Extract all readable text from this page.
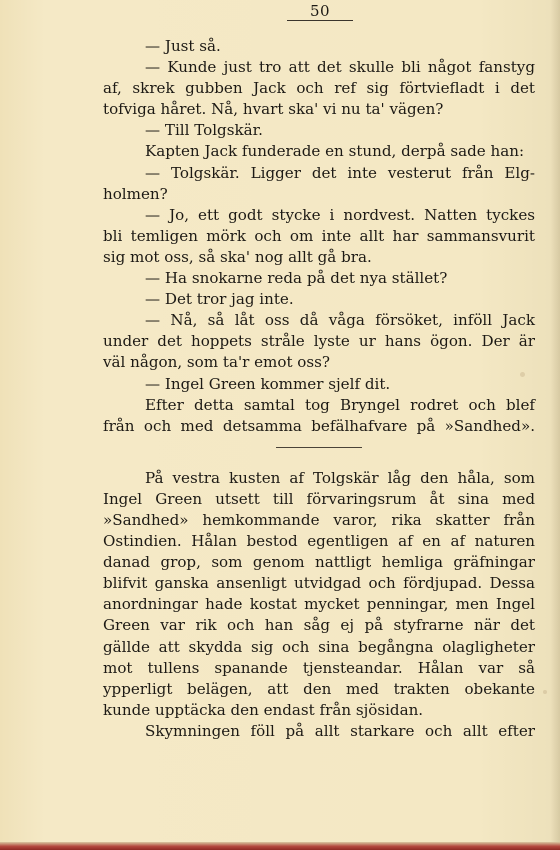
50
— Just så.
— Kunde just tro att det skulle bli något fanstyg
af, skrek gubben Jack och ref sig förtviefladt i det
tofviga håret. Nå, hvart ska' vi nu ta' vägen?
— Till Tolgskär.
Kapten Jack funderade en stund, derpå sade han:
— Tolgskär. Ligger det inte vesterut från Elg-
holmen?
— Jo, ett godt stycke i nordvest. Natten tyckes
bli temligen mörk och om inte allt har sammansvurit
sig mot oss, så ska' nog allt gå bra.
— Ha snokarne reda på det nya stället?
— Det tror jag inte.
— Nå, så låt oss då våga försöket, inföll Jack
under det hoppets stråle lyste ur hans ögon. Der är
väl någon, som ta'r emot oss?
— Ingel Green kommer sjelf dit.
Efter detta samtal tog Bryngel rodret och blef
från och med detsamma befälhafvare på »Sandhed».
På vestra kusten af Tolgskär låg den håla, som
Ingel Green utsett till förvaringsrum åt sina med
»Sandhed» hemkommande varor, rika skatter från
Ostindien. Hålan bestod egentligen af en af naturen
danad grop, som genom nattligt hemliga gräfningar
blifvit ganska ansenligt utvidgad och fördjupad. Dessa
anordningar hade kostat mycket penningar, men Ingel
Green var rik och han såg ej på styfrarne när det
gällde att skydda sig och sina begångna olagligheter
mot tullens spanande tjensteandar. Hålan var så
ypperligt belägen, att den med trakten obekante
kunde upptäcka den endast från sjösidan.
Skymningen föll på allt starkare och allt efter
